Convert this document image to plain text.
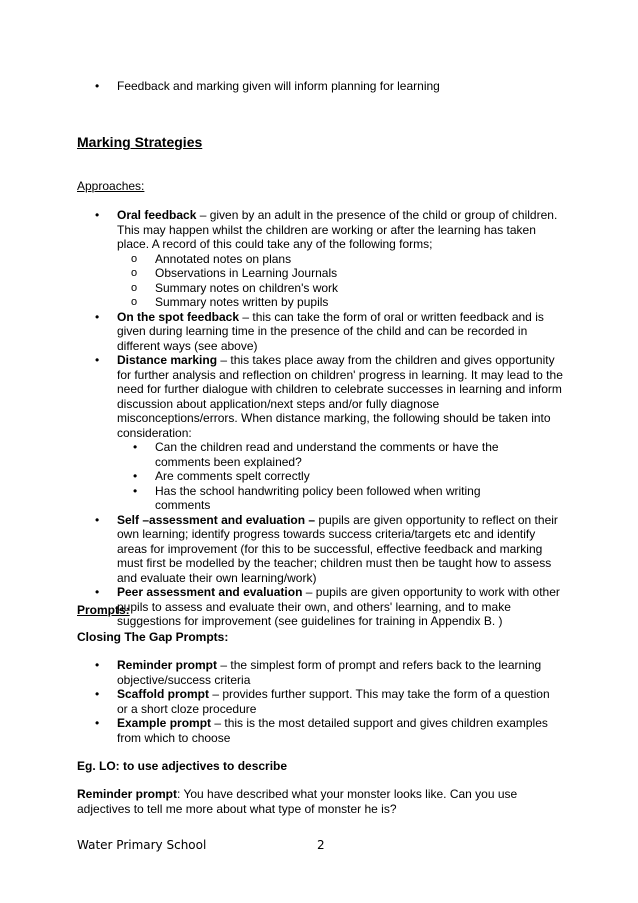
• Feedback and marking given will inform planning for learning

Marking Strategies

Approaches:

• Oral feedback – given by an adult in the presence of the child or group of children. This may happen whilst the children are working or after the learning has taken place. A record of this could take any of the following forms;
o Annotated notes on plans
o Observations in Learning Journals
o Summary notes on children's work
o Summary notes written by pupils
• On the spot feedback – this can take the form of oral or written feedback and is given during learning time in the presence of the child and can be recorded in different ways (see above)
• Distance marking – this takes place away from the children and gives opportunity for further analysis and reflection on children' progress in learning. It may lead to the need for further dialogue with children to celebrate successes in learning and inform discussion about application/next steps and/or fully diagnose misconceptions/errors. When distance marking, the following should be taken into consideration:
• Can the children read and understand the comments or have the comments been explained?
• Are comments spelt correctly
• Has the school handwriting policy been followed when writing comments
• Self –assessment and evaluation – pupils are given opportunity to reflect on their own learning; identify progress towards success criteria/targets etc and identify areas for improvement (for this to be successful, effective feedback and marking must first be modelled by the teacher; children must then be taught how to assess and evaluate their own learning/work)
• Peer assessment and evaluation – pupils are given opportunity to work with other pupils to assess and evaluate their own, and others' learning, and to make suggestions for improvement (see guidelines for training in Appendix B. )

Prompts:

Closing The Gap Prompts:

• Reminder prompt – the simplest form of prompt and refers back to the learning objective/success criteria
• Scaffold prompt – provides further support. This may take the form of a question or a short cloze procedure
• Example prompt – this is the most detailed support and gives children examples from which to choose

Eg. LO: to use adjectives to describe

Reminder prompt: You have described what your monster looks like. Can you use adjectives to tell me more about what type of monster he is?

Water Primary School	2
